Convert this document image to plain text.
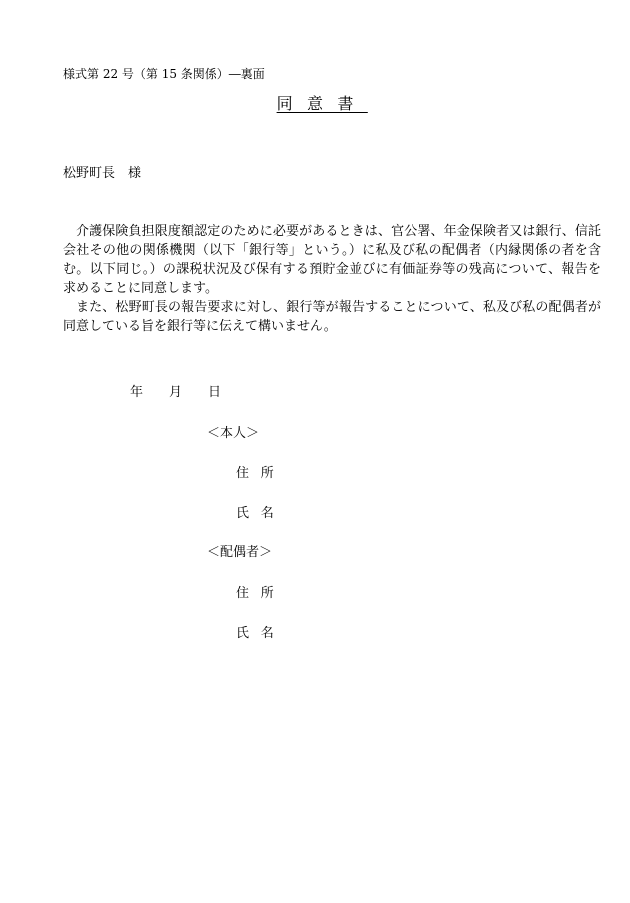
様式第 22 号（第 15 条関係）―裏面
同意書
松野町長　様

介護保険負担限度額認定のために必要があるときは、官公署、年金保険者又は銀行、信託会社その他の関係機関（以下「銀行等」という。）に私及び私の配偶者（内縁関係の者を含む。以下同じ。）の課税状況及び保有する預貯金並びに有価証券等の残高について、報告を求めることに同意します。

また、松野町長の報告要求に対し、銀行等が報告することについて、私及び私の配偶者が同意している旨を銀行等に伝えて構いません。

年 月 日
＜本人＞
住所
氏名
＜配偶者＞
住所
氏名
